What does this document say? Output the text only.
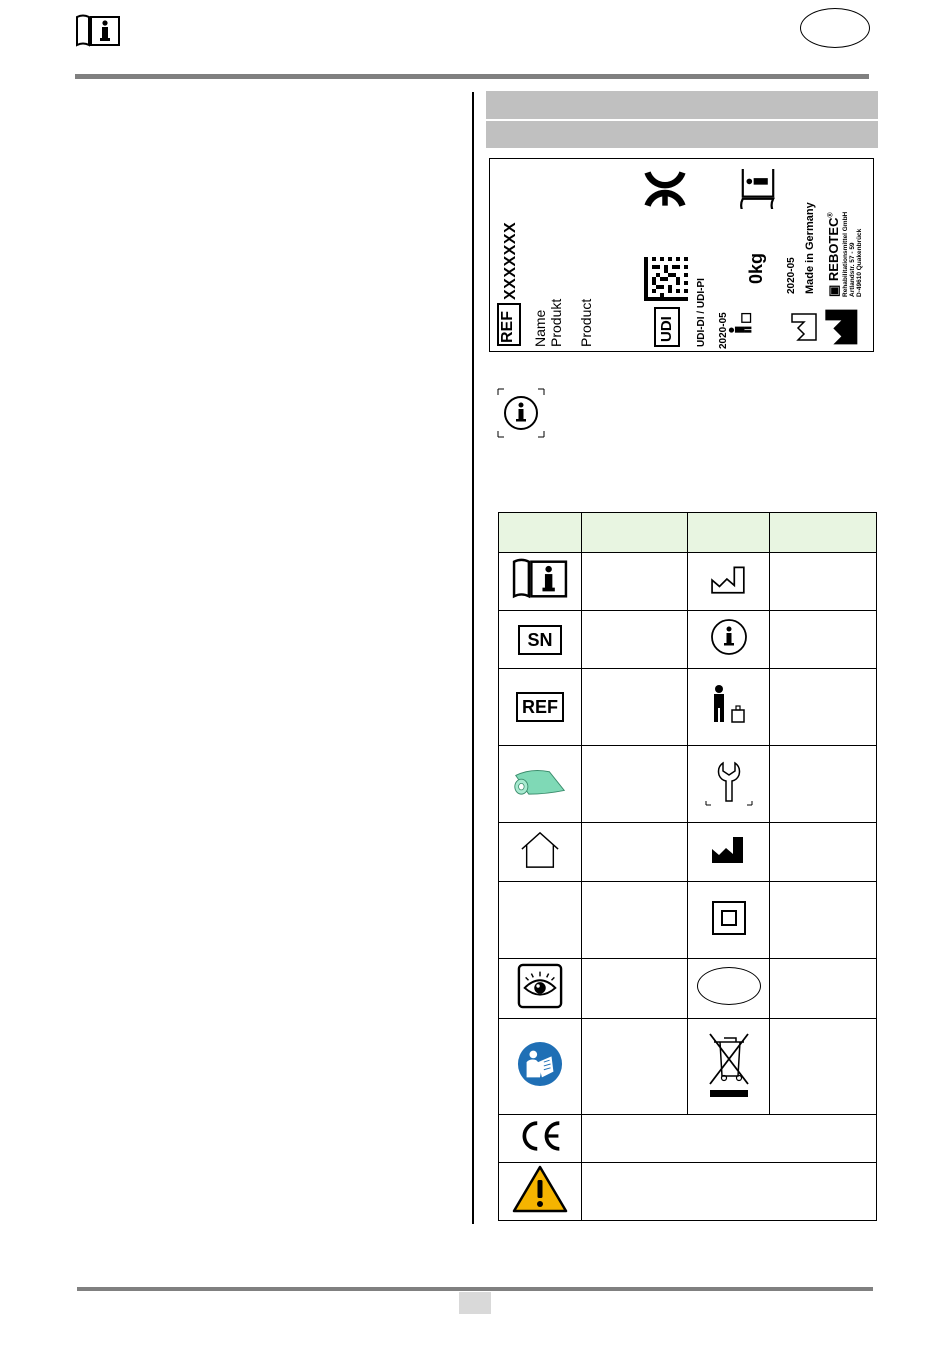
REF
XXXXXXX
Name Produkt Product	UDI UDI-DI / UDI-PI 2020-05
0kg 2020-05 Made in Germany ▣ REBOTEC®	Rehabilitationsmittel GmbH Artlandstr. 57 - 59 D-49610 Quakenbrück

SN			
REF			
